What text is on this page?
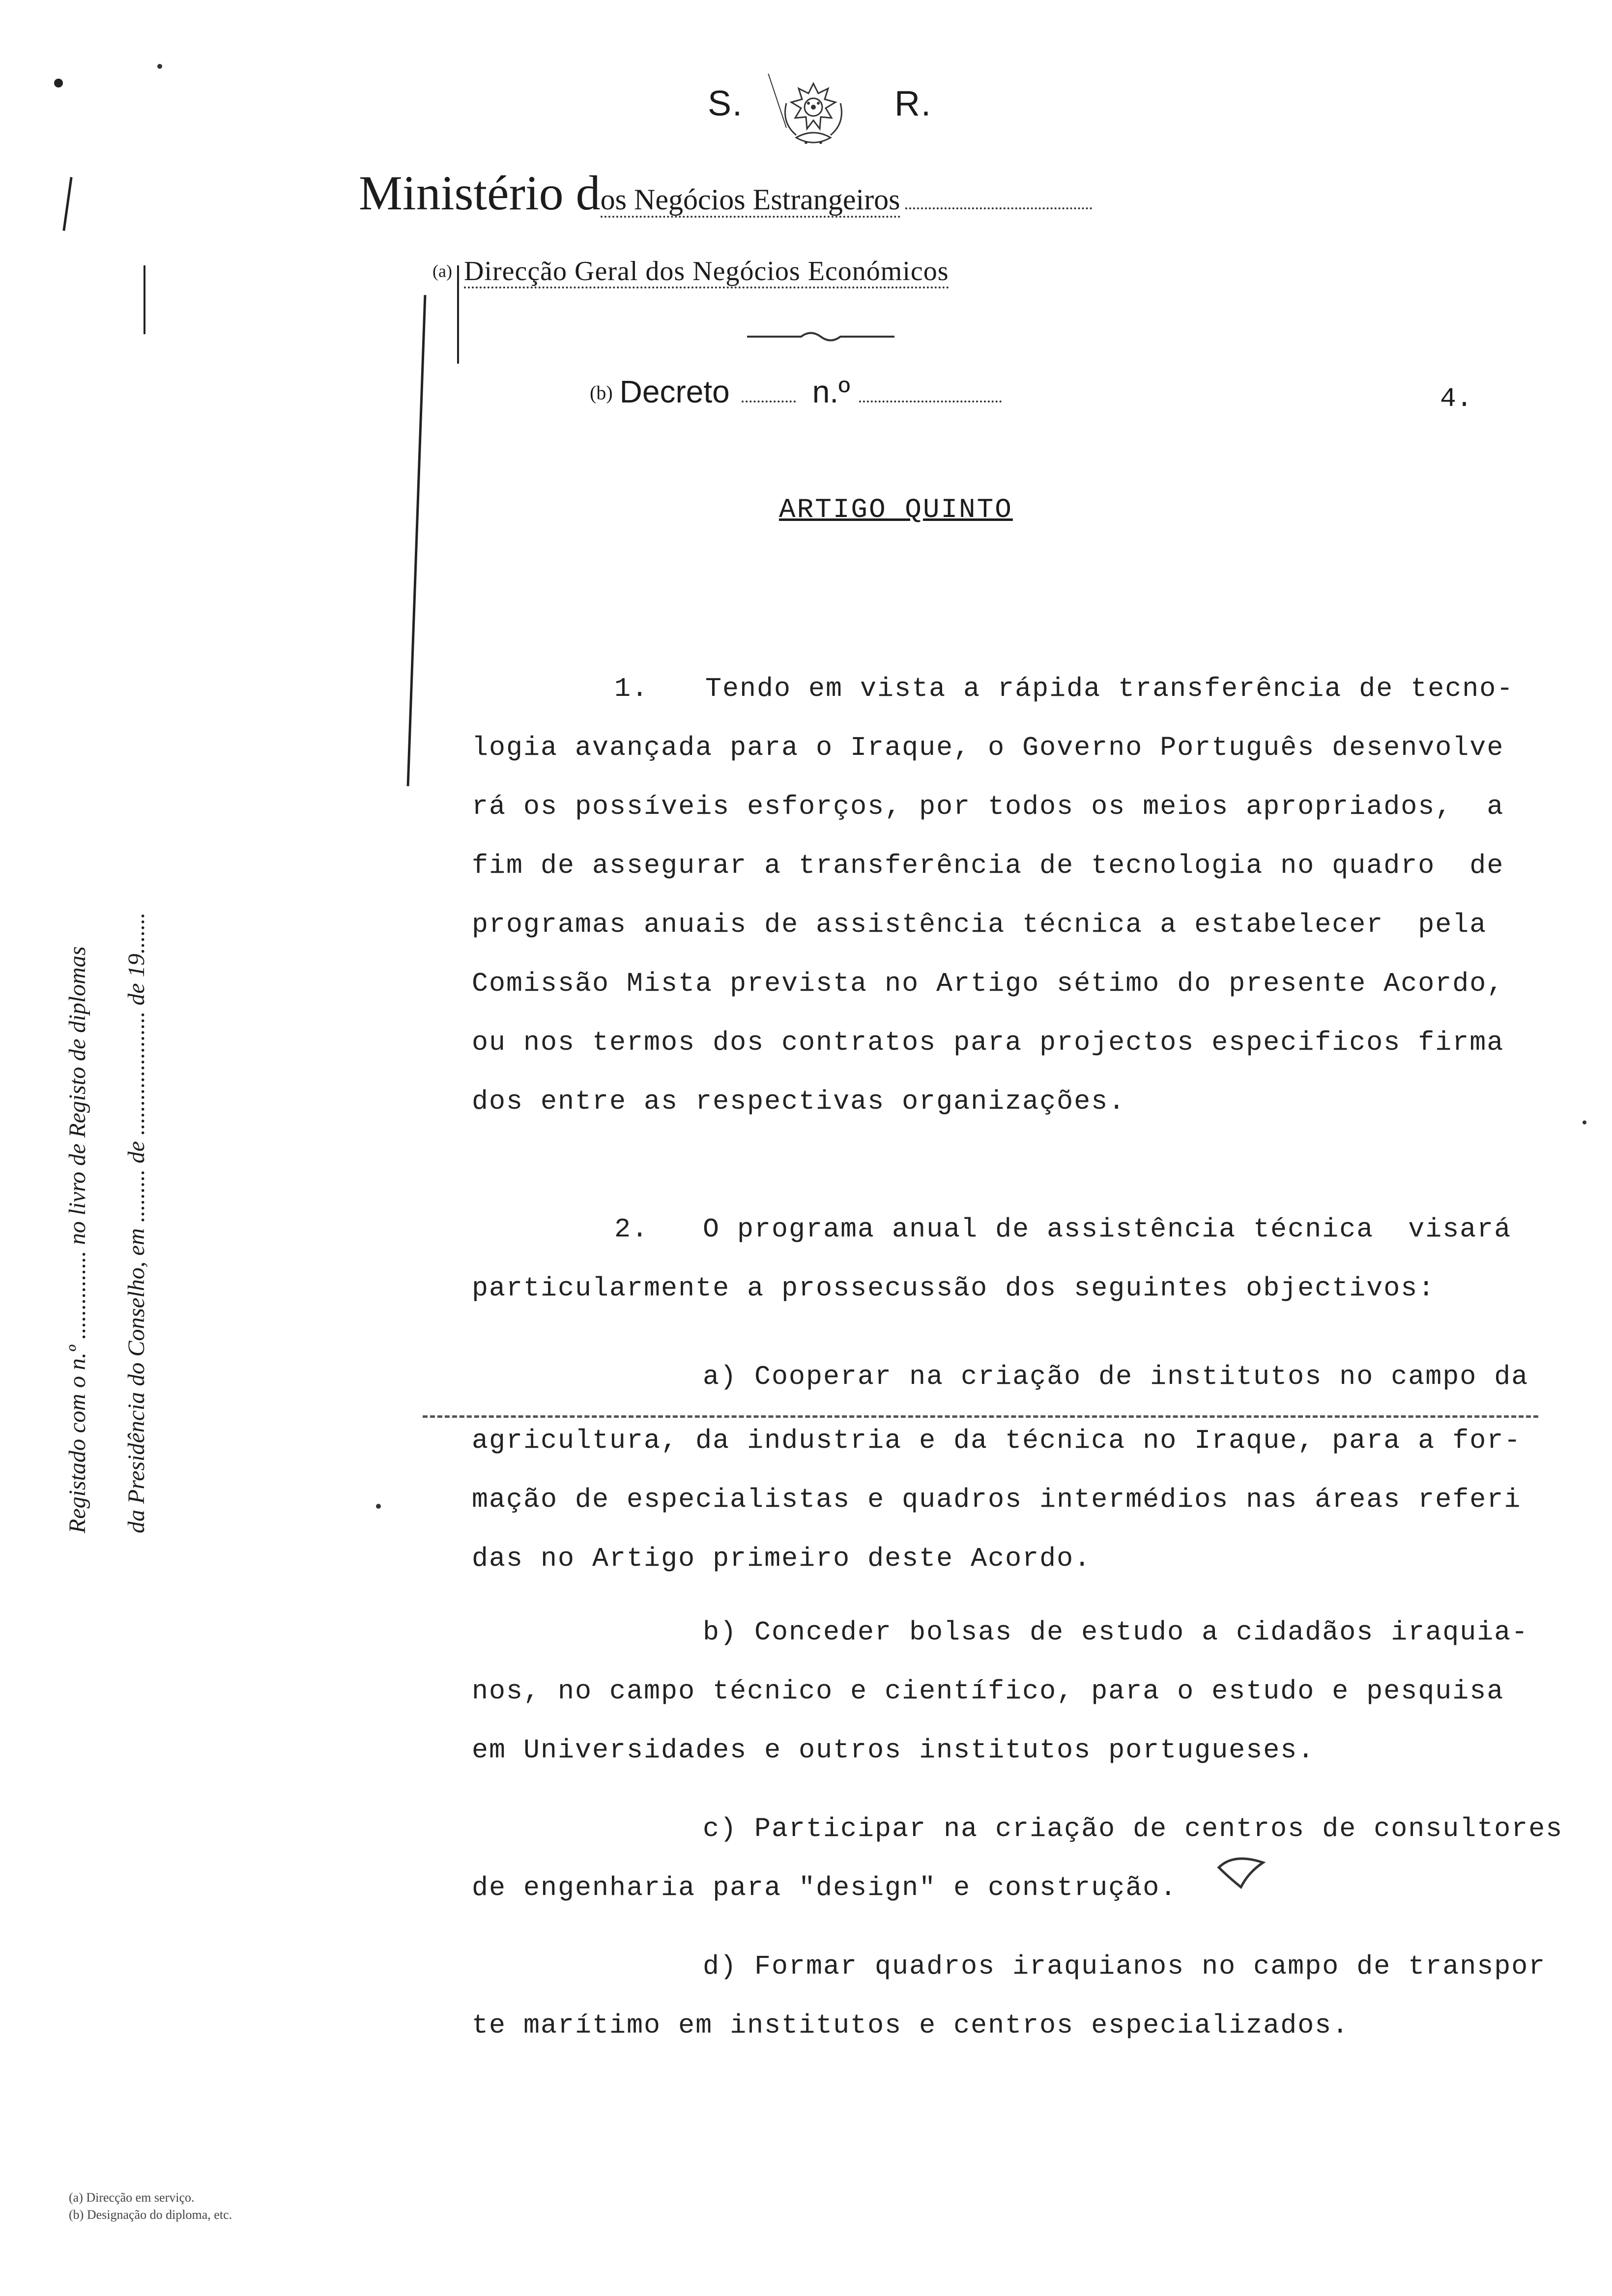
S.	R.
Ministério dos Negócios Estrangeiros
(a) Direcção Geral dos Negócios Económicos
(b) Decreto	n.º	4.
Registado com o n.º ............... no livro de Registo de diplomas da Presidência do Conselho, em ......... de ..................... de 19.......
ARTIGO QUINTO
1. Tendo em vista a rápida transferência de tecno-
logia avançada para o Iraque, o Governo Português desenvolve
rá os possíveis esforços, por todos os meios apropriados,  a
fim de assegurar a transferência de tecnologia no quadro  de
programas anuais de assistência técnica a estabelecer  pela
Comissão Mista prevista no Artigo sétimo do presente Acordo,
ou nos termos dos contratos para projectos especificos firma
dos entre as respectivas organizações.
2. O programa anual de assistência técnica  visará
particularmente a prossecussão dos seguintes objectivos:
a) Cooperar na criação de institutos no campo da
agricultura, da industria e da técnica no Iraque, para a for-
mação de especialistas e quadros intermédios nas áreas referi
das no Artigo primeiro deste Acordo.
b) Conceder bolsas de estudo a cidadãos iraquia-
nos, no campo técnico e científico, para o estudo e pesquisa
em Universidades e outros institutos portugueses.
c) Participar na criação de centros de consultores
de engenharia para "design" e construção.
d) Formar quadros iraquianos no campo de transpor
te marítimo em institutos e centros especializados.
(a) Direcção em serviço.
(b) Designação do diploma, etc.
